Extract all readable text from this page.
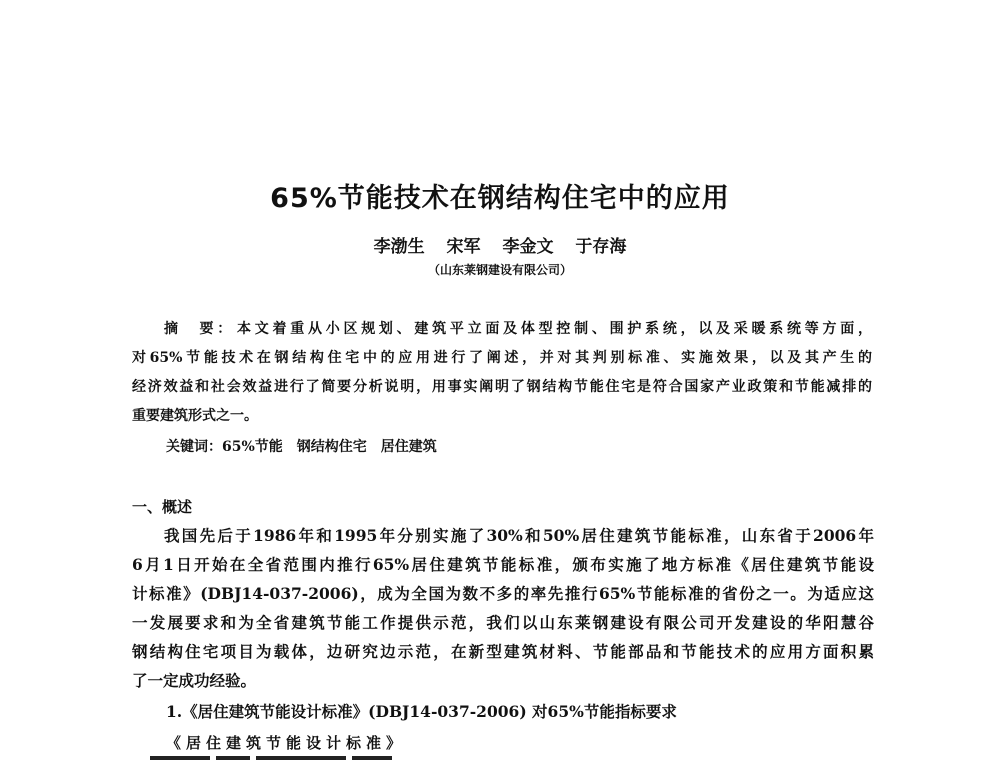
65%节能技术在钢结构住宅中的应用
李渤生 宋军 李金文 于存海
（山东莱钢建设有限公司）
摘　要： 本文着重从小区规划、建筑平立面及体型控制、围护系统，以及采暖系统等方面，
对65%节能技术在钢结构住宅中的应用进行了阐述，并对其判别标准、实施效果，以及其产生的
经济效益和社会效益进行了简要分析说明，用事实阐明了钢结构节能住宅是符合国家产业政策和节能减排的
重要建筑形式之一。
关键词：65%节能　钢结构住宅　居住建筑
一、概述
我国先后于1986年和1995年分别实施了30%和50%居住建筑节能标准，山东省于2006年
6月1日开始在全省范围内推行65%居住建筑节能标准，颁布实施了地方标准《居住建筑节能设
计标准》(DBJ14-037-2006)，成为全国为数不多的率先推行65%节能标准的省份之一。为适应这
一发展要求和为全省建筑节能工作提供示范，我们以山东莱钢建设有限公司开发建设的华阳慧谷
钢结构住宅项目为载体，边研究边示范，在新型建筑材料、节能部品和节能技术的应用方面积累
了一定成功经验。
1.《居住建筑节能设计标准》(DBJ14-037-2006) 对65%节能指标要求
《居住建筑节能设计标准》
